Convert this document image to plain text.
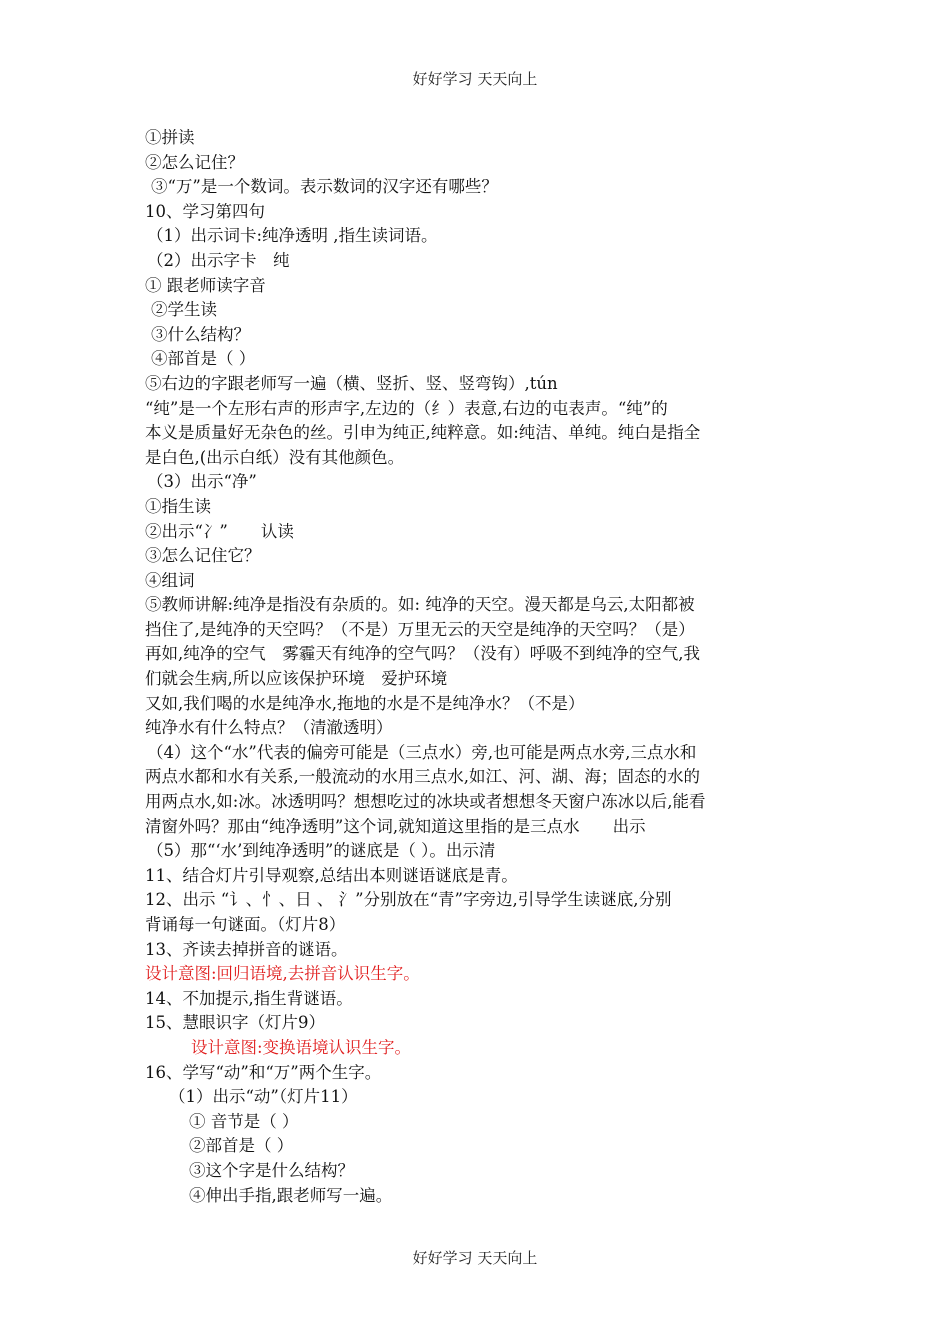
好好学习 天天向上
①拼读
②怎么记住？
③“万”是一个数词。表示数词的汉字还有哪些？
10、学习第四句
（1）出示词卡:纯净透明 ,指生读词语。
（2）出示字卡　纯
① 跟老师读字音
②学生读
③什么结构？
④部首是（ ）
⑤右边的字跟老师写一遍（横、竖折、竖、竖弯钩）,tún
“纯”是一个左形右声的形声字,左边的（纟）表意,右边的屯表声。“纯”的
本义是质量好无杂色的丝。引申为纯正,纯粹意。如:纯洁、单纯。纯白是指全
是白色,(出示白纸）没有其他颜色。
（3）出示“净”
①指生读
②出示“冫”　　认读
③怎么记住它？
④组词
⑤教师讲解:纯净是指没有杂质的。如: 纯净的天空。漫天都是乌云,太阳都被
挡住了,是纯净的天空吗？（不是）万里无云的天空是纯净的天空吗？（是）
再如,纯净的空气　雾霾天有纯净的空气吗？（没有）呼吸不到纯净的空气,我
们就会生病,所以应该保护环境　爱护环境
又如,我们喝的水是纯净水,拖地的水是不是纯净水？（不是）
纯净水有什么特点？（清澈透明）
（4）这个“水”代表的偏旁可能是（三点水）旁,也可能是两点水旁,三点水和
两点水都和水有关系,一般流动的水用三点水,如江、河、湖、海；固态的水的
用两点水,如:冰。冰透明吗？想想吃过的冰块或者想想冬天窗户冻冰以后,能看
清窗外吗？那由“纯净透明”这个词,就知道这里指的是三点水　　出示
（5）那“‘水’到纯净透明”的谜底是（ ）。出示清
11、结合灯片引导观察,总结出本则谜语谜底是青。
12、出示 “讠、忄、日 、 氵”分别放在“青”字旁边,引导学生读谜底,分别
背诵每一句谜面。（灯片8）
13、齐读去掉拼音的谜语。
设计意图:回归语境,去拼音认识生字。
14、不加提示,指生背谜语。
15、慧眼识字（灯片9）
设计意图:变换语境认识生字。
16、学写“动”和“万”两个生字。
（1）出示“动”（灯片11）
① 音节是（ ）
②部首是（ ）
③这个字是什么结构？
④伸出手指,跟老师写一遍。
好好学习 天天向上
